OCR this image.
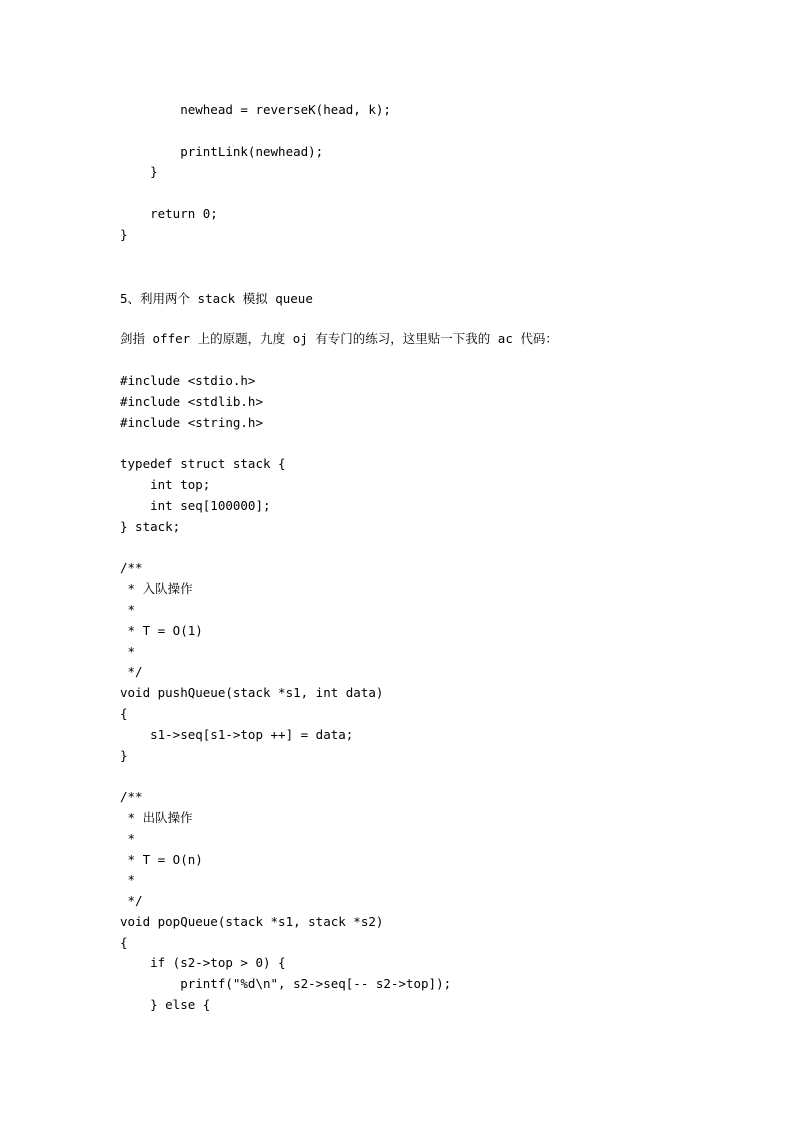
newhead = reverseK(head, k);
printLink(newhead);
}
return 0;
}
5、利用两个 stack 模拟 queue
剑指 offer 上的原题，九度 oj 有专门的练习，这里贴一下我的 ac 代码：
#include <stdio.h>
#include <stdlib.h>
#include <string.h>
typedef struct stack {
int top;
int seq[100000];
} stack;
/**
* 入队操作
*
* T = O(1)
*
*/
void pushQueue(stack *s1, int data)
{
s1->seq[s1->top ++] = data;
}
/**
* 出队操作
*
* T = O(n)
*
*/
void popQueue(stack *s1, stack *s2)
{
if (s2->top > 0) {
printf("%d\n", s2->seq[-- s2->top]);
} else {
